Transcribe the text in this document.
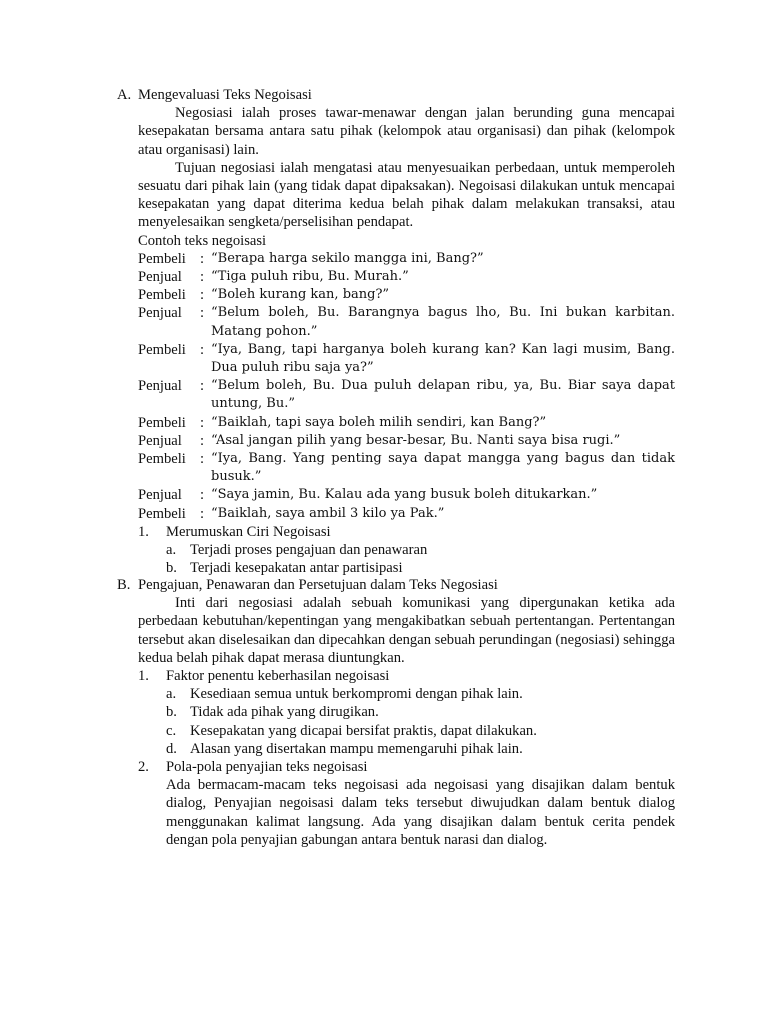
A. Mengevaluasi Teks Negoisasi

Negosiasi ialah proses tawar-menawar dengan jalan berunding guna mencapai kesepakatan bersama antara satu pihak (kelompok atau organisasi) dan pihak (kelompok atau organisasi) lain.

Tujuan negosiasi ialah mengatasi atau menyesuaikan perbedaan, untuk memperoleh sesuatu dari pihak lain (yang tidak dapat dipaksakan). Negoisasi dilakukan untuk mencapai kesepakatan yang dapat diterima kedua belah pihak dalam melakukan transaksi, atau menyelesaikan sengketa/perselisihan pendapat.

Contoh teks negoisasi

Pembeli : “Berapa harga sekilo mangga ini, Bang?”
Penjual	: “Tiga puluh ribu, Bu. Murah.”
Pembeli : “Boleh kurang kan, bang?”
Penjual	: “Belum boleh, Bu. Barangnya bagus lho, Bu. Ini bukan karbitan. Matang pohon.”
Pembeli : “Iya, Bang, tapi harganya boleh kurang kan? Kan lagi musim, Bang. Dua puluh ribu saja ya?”
Penjual	: “Belum boleh, Bu. Dua puluh delapan ribu, ya, Bu. Biar saya dapat untung, Bu.”
Pembeli : “Baiklah, tapi saya boleh milih sendiri, kan Bang?”
Penjual	: “Asal jangan pilih yang besar-besar, Bu. Nanti saya bisa rugi.”
Pembeli : “Iya, Bang. Yang penting saya dapat mangga yang bagus dan tidak busuk.”
Penjual	: “Saya jamin, Bu. Kalau ada yang busuk boleh ditukarkan.”
Pembeli : “Baiklah, saya ambil 3 kilo ya Pak.”
1. Merumuskan Ciri Negoisasi
a. Terjadi proses pengajuan dan penawaran
b. Terjadi kesepakatan antar partisipasi
B. Pengajuan, Penawaran dan Persetujuan dalam Teks Negosiasi

Inti dari negosiasi adalah sebuah komunikasi yang dipergunakan ketika ada perbedaan kebutuhan/kepentingan yang mengakibatkan sebuah pertentangan. Pertentangan tersebut akan diselesaikan dan dipecahkan dengan sebuah perundingan (negosiasi) sehingga kedua belah pihak dapat merasa diuntungkan.

1. Faktor penentu keberhasilan negoisasi
a. Kesediaan semua untuk berkompromi dengan pihak lain.
b. Tidak ada pihak yang dirugikan.
c. Kesepakatan yang dicapai bersifat praktis, dapat dilakukan.
d. Alasan yang disertakan mampu memengaruhi pihak lain.
2. Pola-pola penyajian teks negoisasi

Ada bermacam-macam teks negoisasi ada negoisasi yang disajikan dalam bentuk dialog, Penyajian negoisasi dalam teks tersebut diwujudkan dalam bentuk dialog menggunakan kalimat langsung. Ada yang disajikan dalam bentuk cerita pendek dengan pola penyajian gabungan antara bentuk narasi dan dialog.
